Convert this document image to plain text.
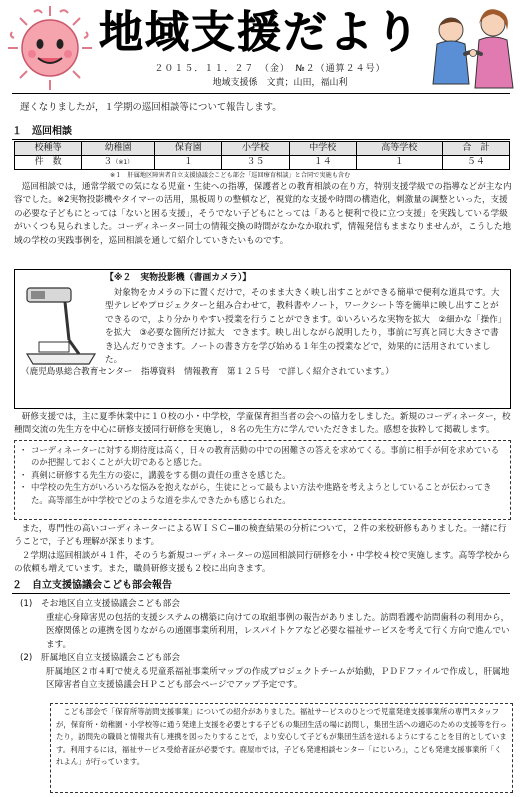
地域支援だより
２０１５．１１．２７　（金）　№２（通算２４号）
地域支援係　文責；山田，福山利
遅くなりましたが，１学期の巡回相談等について報告します。
１　巡回相談
校種等	幼稚園	保育園	小学校	中学校	高等学校	合　計
件　数	３（※1）	１	３５	１４	１	５４
※１　肝属地区障害者自立支援協議会こども部会「巡回療育相談」と合同で実施も含む
巡回相談では，通常学級での気になる児童・生徒への指導，保護者との教育相談の在り方，特別支援学級での指導などが主な内容でした。※2実物投影機やタイマーの活用，黒板周りの整頓など，視覚的な支援や時間の構造化，刺激量の調整といった，支援の必要な子どもにとっては「ないと困る支援」，そうでない子どもにとっては「あると便利で役に立つ支援」を実践している学級がいくつも見られました。コーディネーター同士の情報交換の時間がなかなか取れず，情報発信もままなりませんが，こうした地域の学校の実践事例を，巡回相談を通して紹介していきたいものです。
【※２　実物投影機（書画カメラ）】
対象物をカメラの下に置くだけで，そのまま大きく映し出すことができる簡単で便利な道具です。大型テレビやプロジェクターと組み合わせて，教科書やノート，ワークシート等を簡単に映し出すことができるので，より分かりやすい授業を行うことができます。①いろいろな実物を拡大　②細かな「操作」を拡大　③必要な箇所だけ拡大　できます。映し出しながら説明したり，事前に写真と同じ大きさで書き込んだりできます。ノートの書き方を学び始める１年生の授業などで，効果的に活用されていました。
（鹿児島県総合教育センター　指導資料　情報教育　第１２５号　で詳しく紹介されています。）
研修支援では，主に夏季休業中に１０校の小・中学校，学童保育担当者の会への協力をしました。新規のコーディネーター，校種間交流の先生方を中心に研修支援同行研修を実施し，８名の先生方に学んでいただきました。感想を抜粋して掲載します。
・ コーディネーターに対する期待度は高く，日々の教育活動の中での困難さの答えを求めてくる。事前に相手が何を求めているのか把握しておくことが大切であると感じた。
・ 真剣に研修する先生方の姿に，講義をする側の責任の重さを感じた。
・ 中学校の先生方がいろいろな悩みを抱えながら，生徒にとって最もよい方法や進路を考えようとしていることが伝わってきた。高等部生が中学校でどのような道を歩んできたかも感じられた。
また，専門性の高いコーディネーターによるＷＩＳＣ−Ⅲの検査結果の分析について，２件の来校研修もありました。一緒に行うことで，子ども理解が深まります。
２学期は巡回相談が４１件，そのうち新規コーディネーターの巡回相談同行研修を小・中学校４校で実施します。高等学校からの依頼も増えています。また，職員研修支援も２校に出向きます。
２　自立支援協議会こども部会報告
(1)　そお地区自立支援協議会こども部会
重症心身障害児の包括的支援システムの構築に向けての取組事例の報告がありました。訪問看護や訪問歯科の利用から，医療関係との連携を図りながらの通園事業所利用，レスパイトケアなど必要な福祉サービスを考えて行く方向で進んでいます。
(2)　肝属地区自立支援協議会こども部会
肝属地区２市４町で使える児童系福祉事業所マップの作成プロジェクトチームが始動，ＰＤＦファイルで作成し，肝属地区障害者自立支援協議会ＨＰこども部会ページでアップ予定です。
こども部会で「保育所等訪問支援事業」についての紹介がありました。福祉サービスのひとつで児童発達支援事業所の専門スタッフが，保育所・幼稚園・小学校等に通う発達上支援を必要とする子どもの集団生活の場に訪問し，集団生活への適応のための支援等を行ったり，訪問先の職員と情報共有し連携を図ったりすることで，より安心して子どもが集団生活を送れるようにすることを目的としています。利用するには，福祉サービス受給者証が必要です。鹿屋市では，子ども発達相談センター「にじいろ」，こども発達支援事業所「くれよん」が行っています。
